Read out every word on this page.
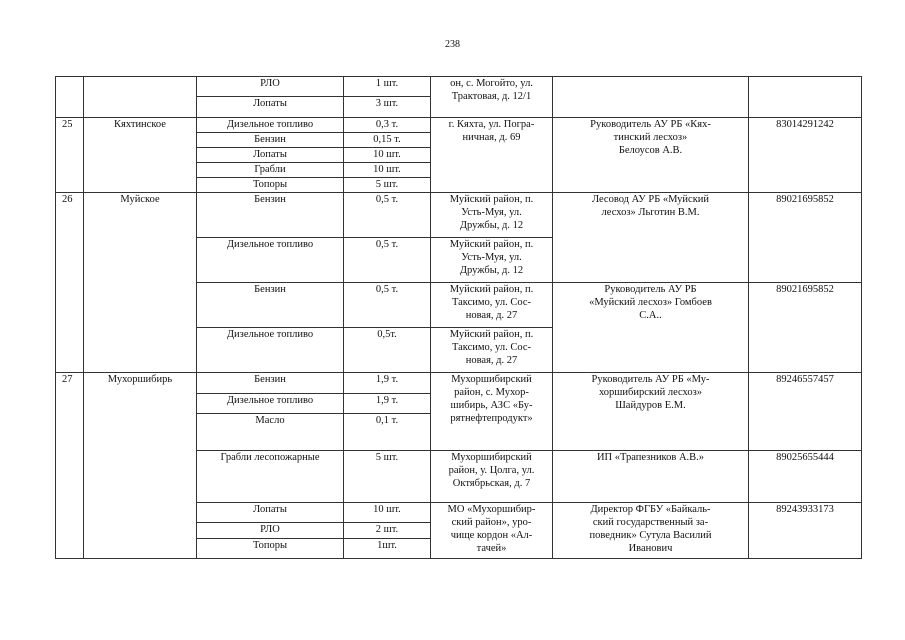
238
		РЛО	1 шт.	он, с. Могойто, ул.
Трактовая, д. 12/1		
		Лопаты	3 шт.			
25	Кяхтинское	Дизельное топливо	0,3 т.	г. Кяхта, ул. Погра-
ничная, д. 69	Руководитель АУ РБ «Кях-
тинский лесхоз»
Белоусов А.В.	83014291242
		Бензин	0,15 т.			
		Лопаты	10 шт.			
		Грабли	10 шт.			
		Топоры	5 шт.			
26	Муйское	Бензин	0,5 т.	Муйский район, п.
Усть-Муя, ул.
Дружбы, д. 12	Лесовод АУ РБ «Муйский
лесхоз» Льготин В.М.	89021695852
		Дизельное топливо	0,5 т.	Муйский район, п.
Усть-Муя, ул.
Дружбы, д. 12		
		Бензин	0,5 т.	Муйский район, п.
Таксимо, ул. Сос-
новая, д. 27	Руководитель АУ РБ
«Муйский лесхоз» Гомбоев
С.А..	89021695852
		Дизельное топливо	0,5т.	Муйский район, п.
Таксимо, ул. Сос-
новая, д. 27		
27	Мухоршибирь	Бензин	1,9 т.	Мухоршибирский
район, с. Мухор-
шибирь, АЗС «Бу-
рятнефтепродукт»	Руководитель АУ РБ «Му-
хоршибирский лесхоз»
Шайдуров Е.М.	89246557457
		Дизельное топливо	1,9 т.			
		Масло	0,1 т.			
		Грабли лесопожарные	5 шт.	Мухоршибирский
район, у. Цолга, ул.
Октябрьская, д. 7	ИП «Трапезников А.В.»	89025655444
		Лопаты	10 шт.	МО «Мухоршибир-
ский район», уро-
чище кордон «Ал-
тачей»	Директор ФГБУ «Байкаль-
ский государственный за-
поведник» Сутула Василий
Иванович	89243933173
		РЛО	2 шт.			
		Топоры	1шт.			
